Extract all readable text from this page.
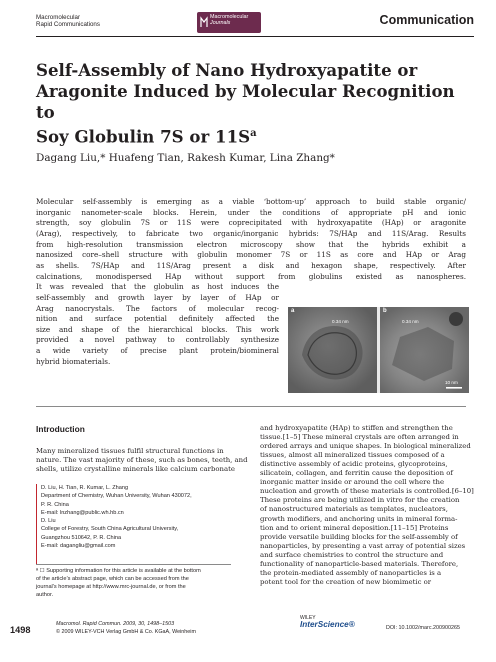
Macromolecular
Rapid Communications
Macromolecular
Journals	Communication
Self-Assembly of Nano Hydroxyapatite or
Aragonite Induced by Molecular Recognition to
Soy Globulin 7S or $11S^a$
Dagang Liu,* Huafeng Tian, Rakesh Kumar, Lina Zhang*
Molecular self-assembly is emerging as a viable ‘bottom-up’ approach to build stable organic/
inorganic nanometer-scale blocks. Herein, under the conditions of appropriate pH and ionic
strength, soy globulin 7S or 11S were coprecipitated with hydroxyapatite (HAp) or aragonite
(Arag), respectively, to fabricate two organic/inorganic hybrids: 7S/HAp and 11S/Arag. Results
from high-resolution transmission electron microscopy show that the hybrids exhibit a
nanosized core–shell structure with globulin monomer 7S or 11S as core and HAp or Arag
as shells. 7S/HAp and 11S/Arag present a disk and hexagon shape, respectively. After
calcinations, monodispersed HAp without support from globulins existed as nanospheres.
It was revealed that the globulin as host induces the
self-assembly and growth layer by layer of HAp or
Arag nanocrystals. The factors of molecular recog-
nition and surface potential definitely affected the
size and shape of the hierarchical blocks. This work
provided a novel pathway to controllably synthesize
a wide variety of precise plant protein/biomineral
hybrid biomaterials.
a	b
0.34 nm	0.34 nm
10 nm
Introduction
Many mineralized tissues fulfil structural functions in
nature. The vast majority of these, such as bones, teeth, and
shells, utilize crystalline minerals like calcium carbonate
D. Liu, H. Tian, R. Kumar, L. Zhang
Department of Chemistry, Wuhan University, Wuhan 430072,
P. R. China
E-mail: lnzhang@public.wh.hb.cn
D. Liu
College of Forestry, South China Agricultural University,
Guangzhou 510642, P. R. China
E-mail: dagangliu@gmail.com
ª ☐ Supporting information for this article is available at the bottom
of the article’s abstract page, which can be accessed from the
journal’s homepage at http://www.mrc-journal.de, or from the
author.
and hydroxyapatite (HAp) to stiffen and strengthen the
tissue.[1–5] These mineral crystals are often arranged in
ordered arrays and unique shapes. In biological mineralized
tissues, almost all mineralized tissues composed of a
distinctive assembly of acidic proteins, glycoproteins,
silicatein, collagen, and ferritin cause the deposition of
inorganic matter inside or around the cell where the
nucleation and growth of these materials is controlled.[6–10]
These proteins are being utilized in vitro for the creation
of nanostructured materials as templates, nucleators,
growth modifiers, and anchoring units in mineral forma-
tion and to orient mineral deposition.[11–15] Proteins
provide versatile building blocks for the self-assembly of
nanoparticles, by presenting a vast array of potential sizes
and surface chemistries to control the structure and
functionality of nanoparticle-based materials. Therefore,
the protein-mediated assembly of nanoparticles is a
potent tool for the creation of new biomimetic or
1498
Macromol. Rapid Commun. 2009, 30, 1498–1503
© 2009 WILEY-VCH Verlag GmbH & Co. KGaA, Weinheim
WILEY
InterScience®	DOI: 10.1002/marc.200900265
